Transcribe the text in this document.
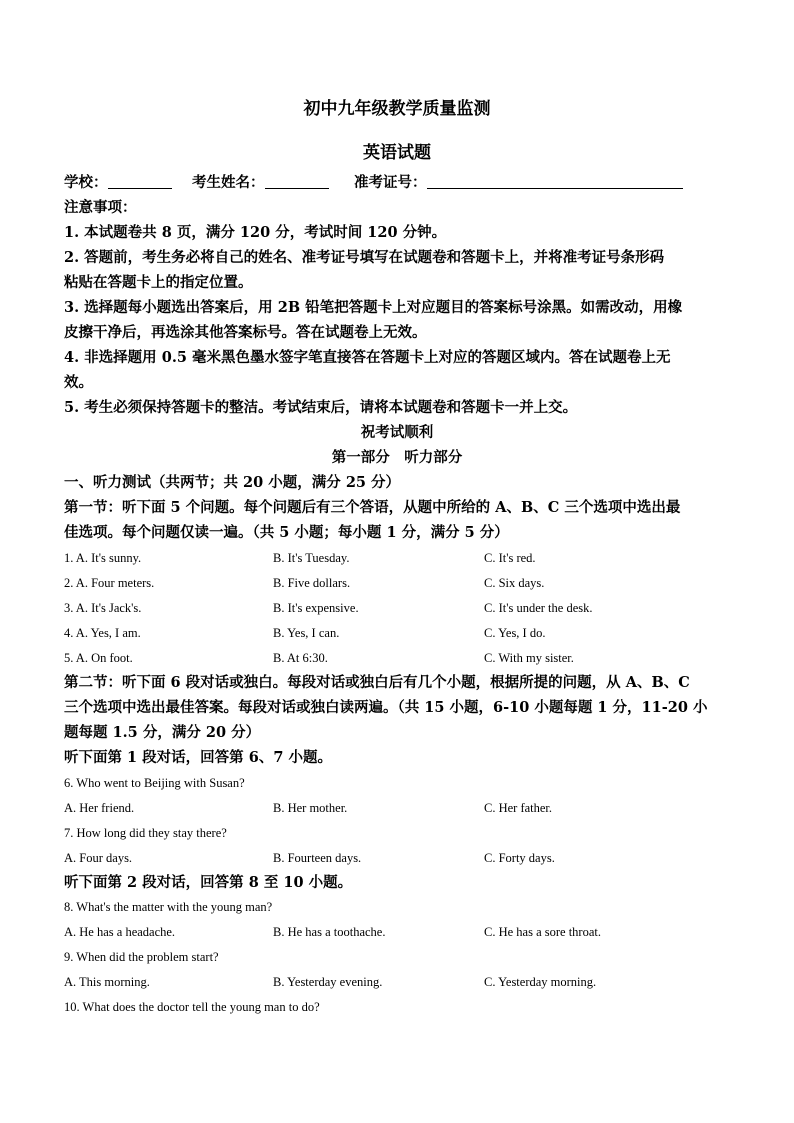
初中九年级教学质量监测
英语试题
学校：	考生姓名：	准考证号：
注意事项：
1. 本试题卷共 8 页，满分 120 分，考试时间 120 分钟。
2. 答题前，考生务必将自己的姓名、准考证号填写在试题卷和答题卡上，并将准考证号条形码
粘贴在答题卡上的指定位置。
3. 选择题每小题选出答案后，用 2B 铅笔把答题卡上对应题目的答案标号涂黑。如需改动，用橡
皮擦干净后，再选涂其他答案标号。答在试题卷上无效。
4. 非选择题用 0.5 毫米黑色墨水签字笔直接答在答题卡上对应的答题区域内。答在试题卷上无
效。
5. 考生必须保持答题卡的整洁。考试结束后，请将本试题卷和答题卡一并上交。
祝考试顺利
第一部分　听力部分
一、听力测试（共两节；共 20 小题，满分 25 分）
第一节：听下面 5 个问题。每个问题后有三个答语，从题中所给的 A、B、C 三个选项中选出最
佳选项。每个问题仅读一遍。（共 5 小题；每小题 1 分，满分 5 分）
1. A. It's sunny.	B. It's Tuesday.	C. It's red.
2. A. Four meters.	B. Five dollars.	C. Six days.
3. A. It's Jack's.	B. It's expensive.	C. It's under the desk.
4. A. Yes, I am.	B. Yes, I can.	C. Yes, I do.
5. A. On foot.	B. At 6:30.	C. With my sister.
第二节：听下面 6 段对话或独白。每段对话或独白后有几个小题，根据所提的问题，从 A、B、C
三个选项中选出最佳答案。每段对话或独白读两遍。（共 15 小题，6-10 小题每题 1 分，11-20 小
题每题 1.5 分，满分 20 分）
听下面第 1 段对话，回答第 6、7 小题。
6. Who went to Beijing with Susan?
A. Her friend.	B. Her mother.	C. Her father.
7. How long did they stay there?
A. Four days.	B. Fourteen days.	C. Forty days.
听下面第 2 段对话，回答第 8 至 10 小题。
8. What's the matter with the young man?
A. He has a headache.	B. He has a toothache.	C. He has a sore throat.
9. When did the problem start?
A. This morning.	B. Yesterday evening.	C. Yesterday morning.
10. What does the doctor tell the young man to do?
